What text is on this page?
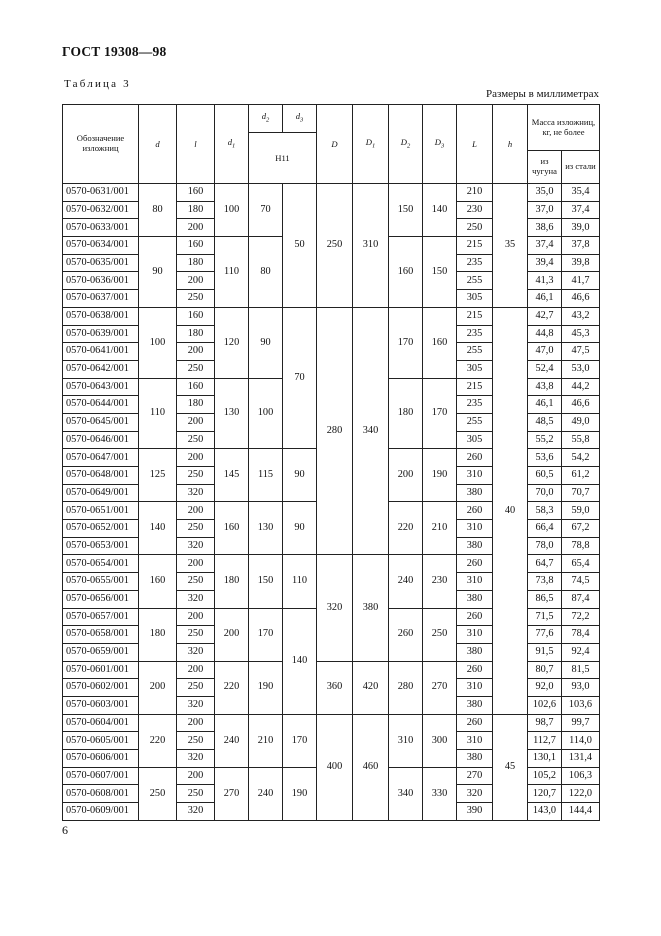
ГОСТ 19308—98
Таблица 3
Размеры в миллиметрах
Обозначение изложниц	d	l	$d_1$	$d_2$	$d_3$	D	$D_1$	$D_2$	$D_3$	L	h	Масса изложниц, кг, не более	
				H11									
												из чугуна	из стали
0570-0631/001	80	160	100	70	50	250	310	150	140	210	35	35,0	35,4
0570-0632/001		180								230		37,0	37,4
0570-0633/001		200								250		38,6	39,0
0570-0634/001	90	160	110	80				160	150	215		37,4	37,8
0570-0635/001		180								235		39,4	39,8
0570-0636/001		200								255		41,3	41,7
0570-0637/001		250								305		46,1	46,6
0570-0638/001	100	160	120	90	70	280	340	170	160	215	40	42,7	43,2
0570-0639/001		180								235		44,8	45,3
0570-0641/001		200								255		47,0	47,5
0570-0642/001		250								305		52,4	53,0
0570-0643/001	110	160	130	100				180	170	215		43,8	44,2
0570-0644/001		180								235		46,1	46,6
0570-0645/001		200								255		48,5	49,0
0570-0646/001		250								305		55,2	55,8
0570-0647/001	125	200	145	115	90			200	190	260		53,6	54,2
0570-0648/001		250								310		60,5	61,2
0570-0649/001		320								380		70,0	70,7
0570-0651/001	140	200	160	130	90			220	210	260		58,3	59,0
0570-0652/001		250								310		66,4	67,2
0570-0653/001		320								380		78,0	78,8
0570-0654/001	160	200	180	150	110	320	380	240	230	260		64,7	65,4
0570-0655/001		250								310		73,8	74,5
0570-0656/001		320								380		86,5	87,4
0570-0657/001	180	200	200	170	140			260	250	260		71,5	72,2
0570-0658/001		250								310		77,6	78,4
0570-0659/001		320								380		91,5	92,4
0570-0601/001	200	200	220	190		360	420	280	270	260		80,7	81,5
0570-0602/001		250								310		92,0	93,0
0570-0603/001		320								380		102,6	103,6
0570-0604/001	220	200	240	210	170	400	460	310	300	260	45	98,7	99,7
0570-0605/001		250								310		112,7	114,0
0570-0606/001		320								380		130,1	131,4
0570-0607/001	250	200	270	240	190			340	330	270		105,2	106,3
0570-0608/001		250								320		120,7	122,0
0570-0609/001		320								390		143,0	144,4
6
